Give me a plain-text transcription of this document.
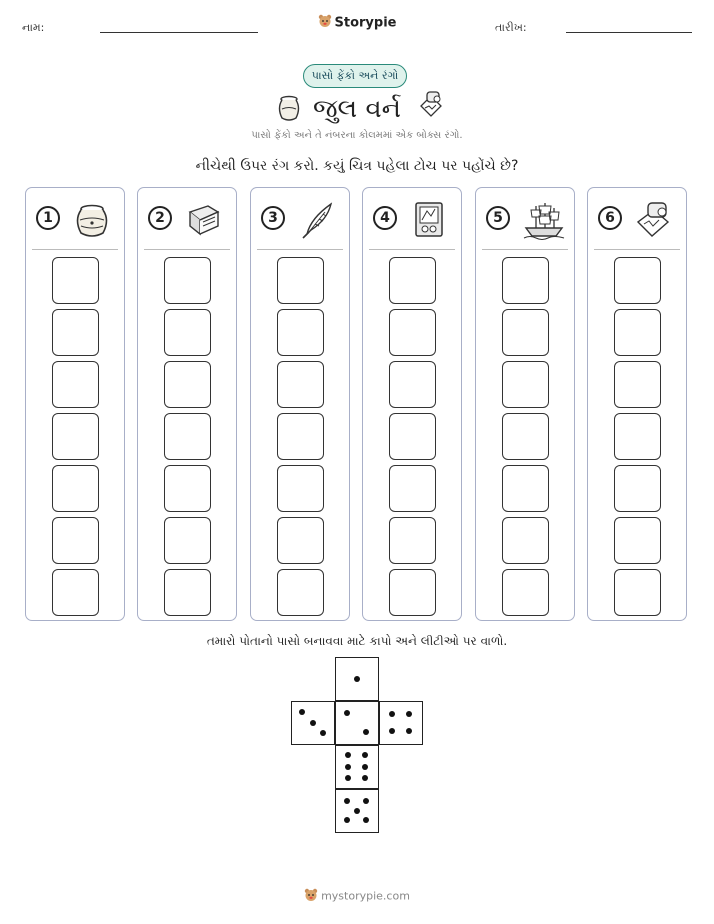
નામ:	Storypie	તારીખ:
પાસો ફેંકો અને રંગો
જુલ વર્ન
પાસો ફેંકો અને તે નંબરના કોલમમાં એક બોક્સ રંગો.
નીચેથી ઉપર રંગ કરો. કયું ચિત્ર પહેલા ટોચ પર પહોંચે છે?
1	2	3	4	5	6
તમારો પોતાનો પાસો બનાવવા માટે કાપો અને લીટીઓ પર વાળો.
mystorypie.com
